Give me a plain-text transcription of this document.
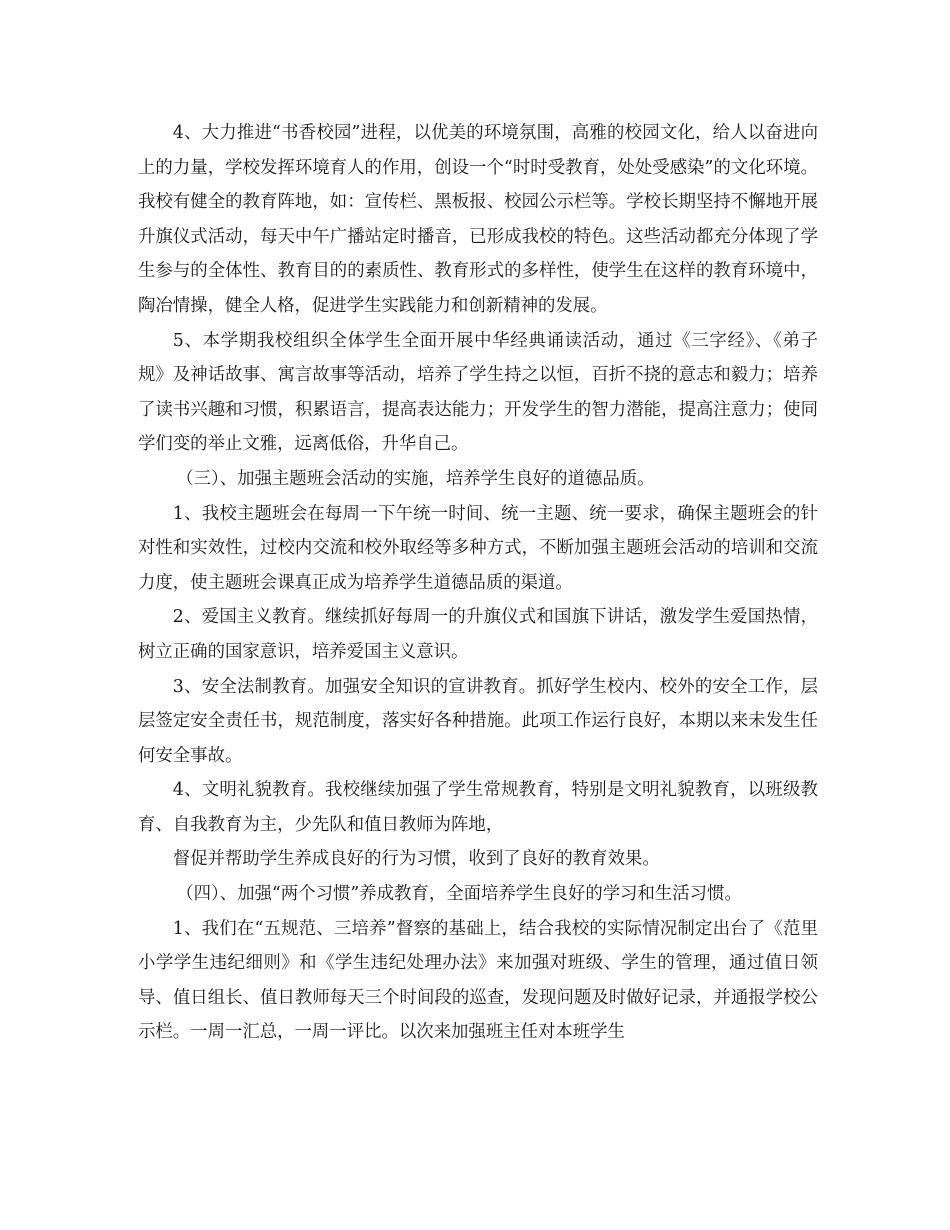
4、大力推进“书香校园”进程，以优美的环境氛围，高雅的校园文化，给人以奋进向上的力量，学校发挥环境育人的作用，创设一个“时时受教育，处处受感染”的文化环境。我校有健全的教育阵地，如：宣传栏、黑板报、校园公示栏等。学校长期坚持不懈地开展升旗仪式活动，每天中午广播站定时播音，已形成我校的特色。这些活动都充分体现了学生参与的全体性、教育目的的素质性、教育形式的多样性，使学生在这样的教育环境中，陶冶情操，健全人格，促进学生实践能力和创新精神的发展。

5、本学期我校组织全体学生全面开展中华经典诵读活动，通过《三字经》、《弟子规》及神话故事、寓言故事等活动，培养了学生持之以恒，百折不挠的意志和毅力；培养了读书兴趣和习惯，积累语言，提高表达能力；开发学生的智力潜能，提高注意力；使同学们变的举止文雅，远离低俗，升华自己。

（三）、加强主题班会活动的实施，培养学生良好的道德品质。

1、我校主题班会在每周一下午统一时间、统一主题、统一要求，确保主题班会的针对性和实效性，过校内交流和校外取经等多种方式，不断加强主题班会活动的培训和交流力度，使主题班会课真正成为培养学生道德品质的渠道。

2、爱国主义教育。继续抓好每周一的升旗仪式和国旗下讲话，激发学生爱国热情，树立正确的国家意识，培养爱国主义意识。

3、安全法制教育。加强安全知识的宣讲教育。抓好学生校内、校外的安全工作，层层签定安全责任书，规范制度，落实好各种措施。此项工作运行良好，本期以来未发生任何安全事故。

4、文明礼貌教育。我校继续加强了学生常规教育，特别是文明礼貌教育，以班级教育、自我教育为主，少先队和值日教师为阵地，

督促并帮助学生养成良好的行为习惯，收到了良好的教育效果。

（四）、加强“两个习惯”养成教育，全面培养学生良好的学习和生活习惯。

1、我们在“五规范、三培养”督察的基础上，结合我校的实际情况制定出台了《范里小学学生违纪细则》和《学生违纪处理办法》来加强对班级、学生的管理，通过值日领导、值日组长、值日教师每天三个时间段的巡查，发现问题及时做好记录，并通报学校公示栏。一周一汇总，一周一评比。以次来加强班主任对本班学生
